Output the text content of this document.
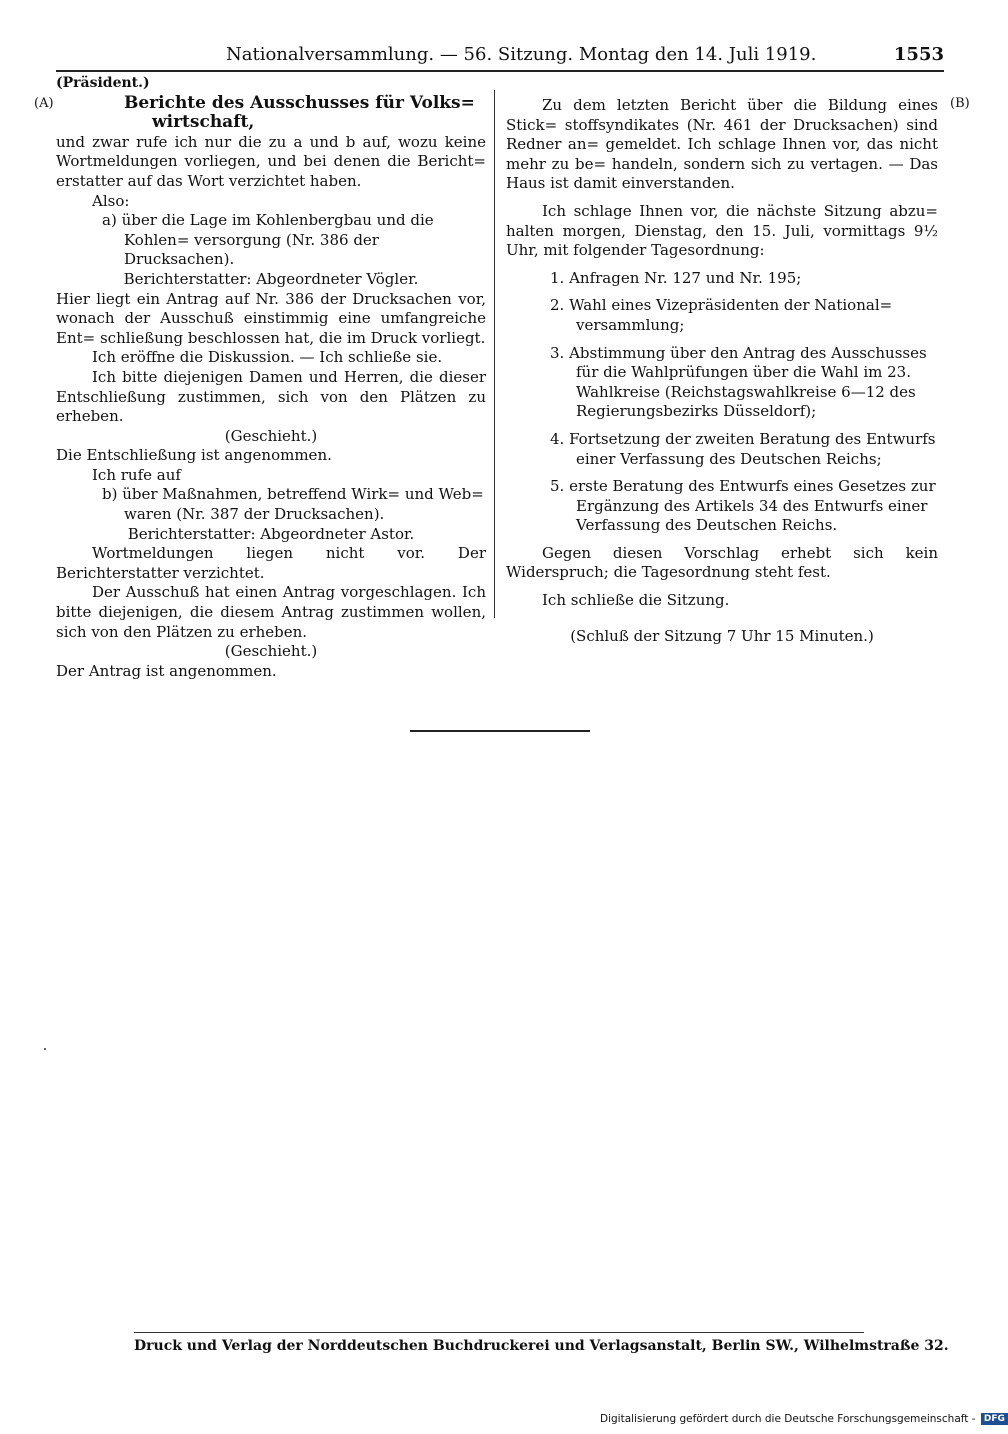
Nationalversammlung. — 56. Sitzung. Montag den 14. Juli 1919.	1553
(A)	(B)

(Präsident.)

Berichte des Ausschusses für Volks=

wirtschaft,

und zwar rufe ich nur die zu a und b auf, wozu keine Wortmeldungen vorliegen, und bei denen die Bericht= erstatter auf das Wort verzichtet haben.

Also:

a) über die Lage im Kohlenbergbau und die Kohlen= versorgung (Nr. 386 der Drucksachen).

Berichterstatter: Abgeordneter Vögler.

Hier liegt ein Antrag auf Nr. 386 der Drucksachen vor, wonach der Ausschuß einstimmig eine umfangreiche Ent= schließung beschlossen hat, die im Druck vorliegt.

Ich eröffne die Diskussion. — Ich schließe sie.

Ich bitte diejenigen Damen und Herren, die dieser Entschließung zustimmen, sich von den Plätzen zu erheben.

(Geschieht.)

Die Entschließung ist angenommen.

Ich rufe auf

b) über Maßnahmen, betreffend Wirk= und Web= waren (Nr. 387 der Drucksachen).

Berichterstatter: Abgeordneter Astor.

Wortmeldungen liegen nicht vor. Der Berichterstatter verzichtet.

Der Ausschuß hat einen Antrag vorgeschlagen. Ich bitte diejenigen, die diesem Antrag zustimmen wollen, sich von den Plätzen zu erheben.

(Geschieht.)

Der Antrag ist angenommen.

Zu dem letzten Bericht über die Bildung eines Stick= stoffsyndikates (Nr. 461 der Drucksachen) sind Redner an= gemeldet. Ich schlage Ihnen vor, das nicht mehr zu be= handeln, sondern sich zu vertagen. — Das Haus ist damit einverstanden.

Ich schlage Ihnen vor, die nächste Sitzung abzu= halten morgen, Dienstag, den 15. Juli, vormittags 9½ Uhr, mit folgender Tagesordnung:

1. Anfragen Nr. 127 und Nr. 195;

2. Wahl eines Vizepräsidenten der National= versammlung;

3. Abstimmung über den Antrag des Ausschusses für die Wahlprüfungen über die Wahl im 23. Wahlkreise (Reichstagswahlkreise 6—12 des Regierungsbezirks Düsseldorf);

4. Fortsetzung der zweiten Beratung des Entwurfs einer Verfassung des Deutschen Reichs;

5. erste Beratung des Entwurfs eines Gesetzes zur Ergänzung des Artikels 34 des Entwurfs einer Verfassung des Deutschen Reichs.

Gegen diesen Vorschlag erhebt sich kein Widerspruch; die Tagesordnung steht fest.

Ich schließe die Sitzung.

(Schluß der Sitzung 7 Uhr 15 Minuten.)

Druck und Verlag der Norddeutschen Buchdruckerei und Verlagsanstalt, Berlin SW., Wilhelmstraße 32.
Digitalisierung gefördert durch die Deutsche Forschungsgemeinschaft - DFG
